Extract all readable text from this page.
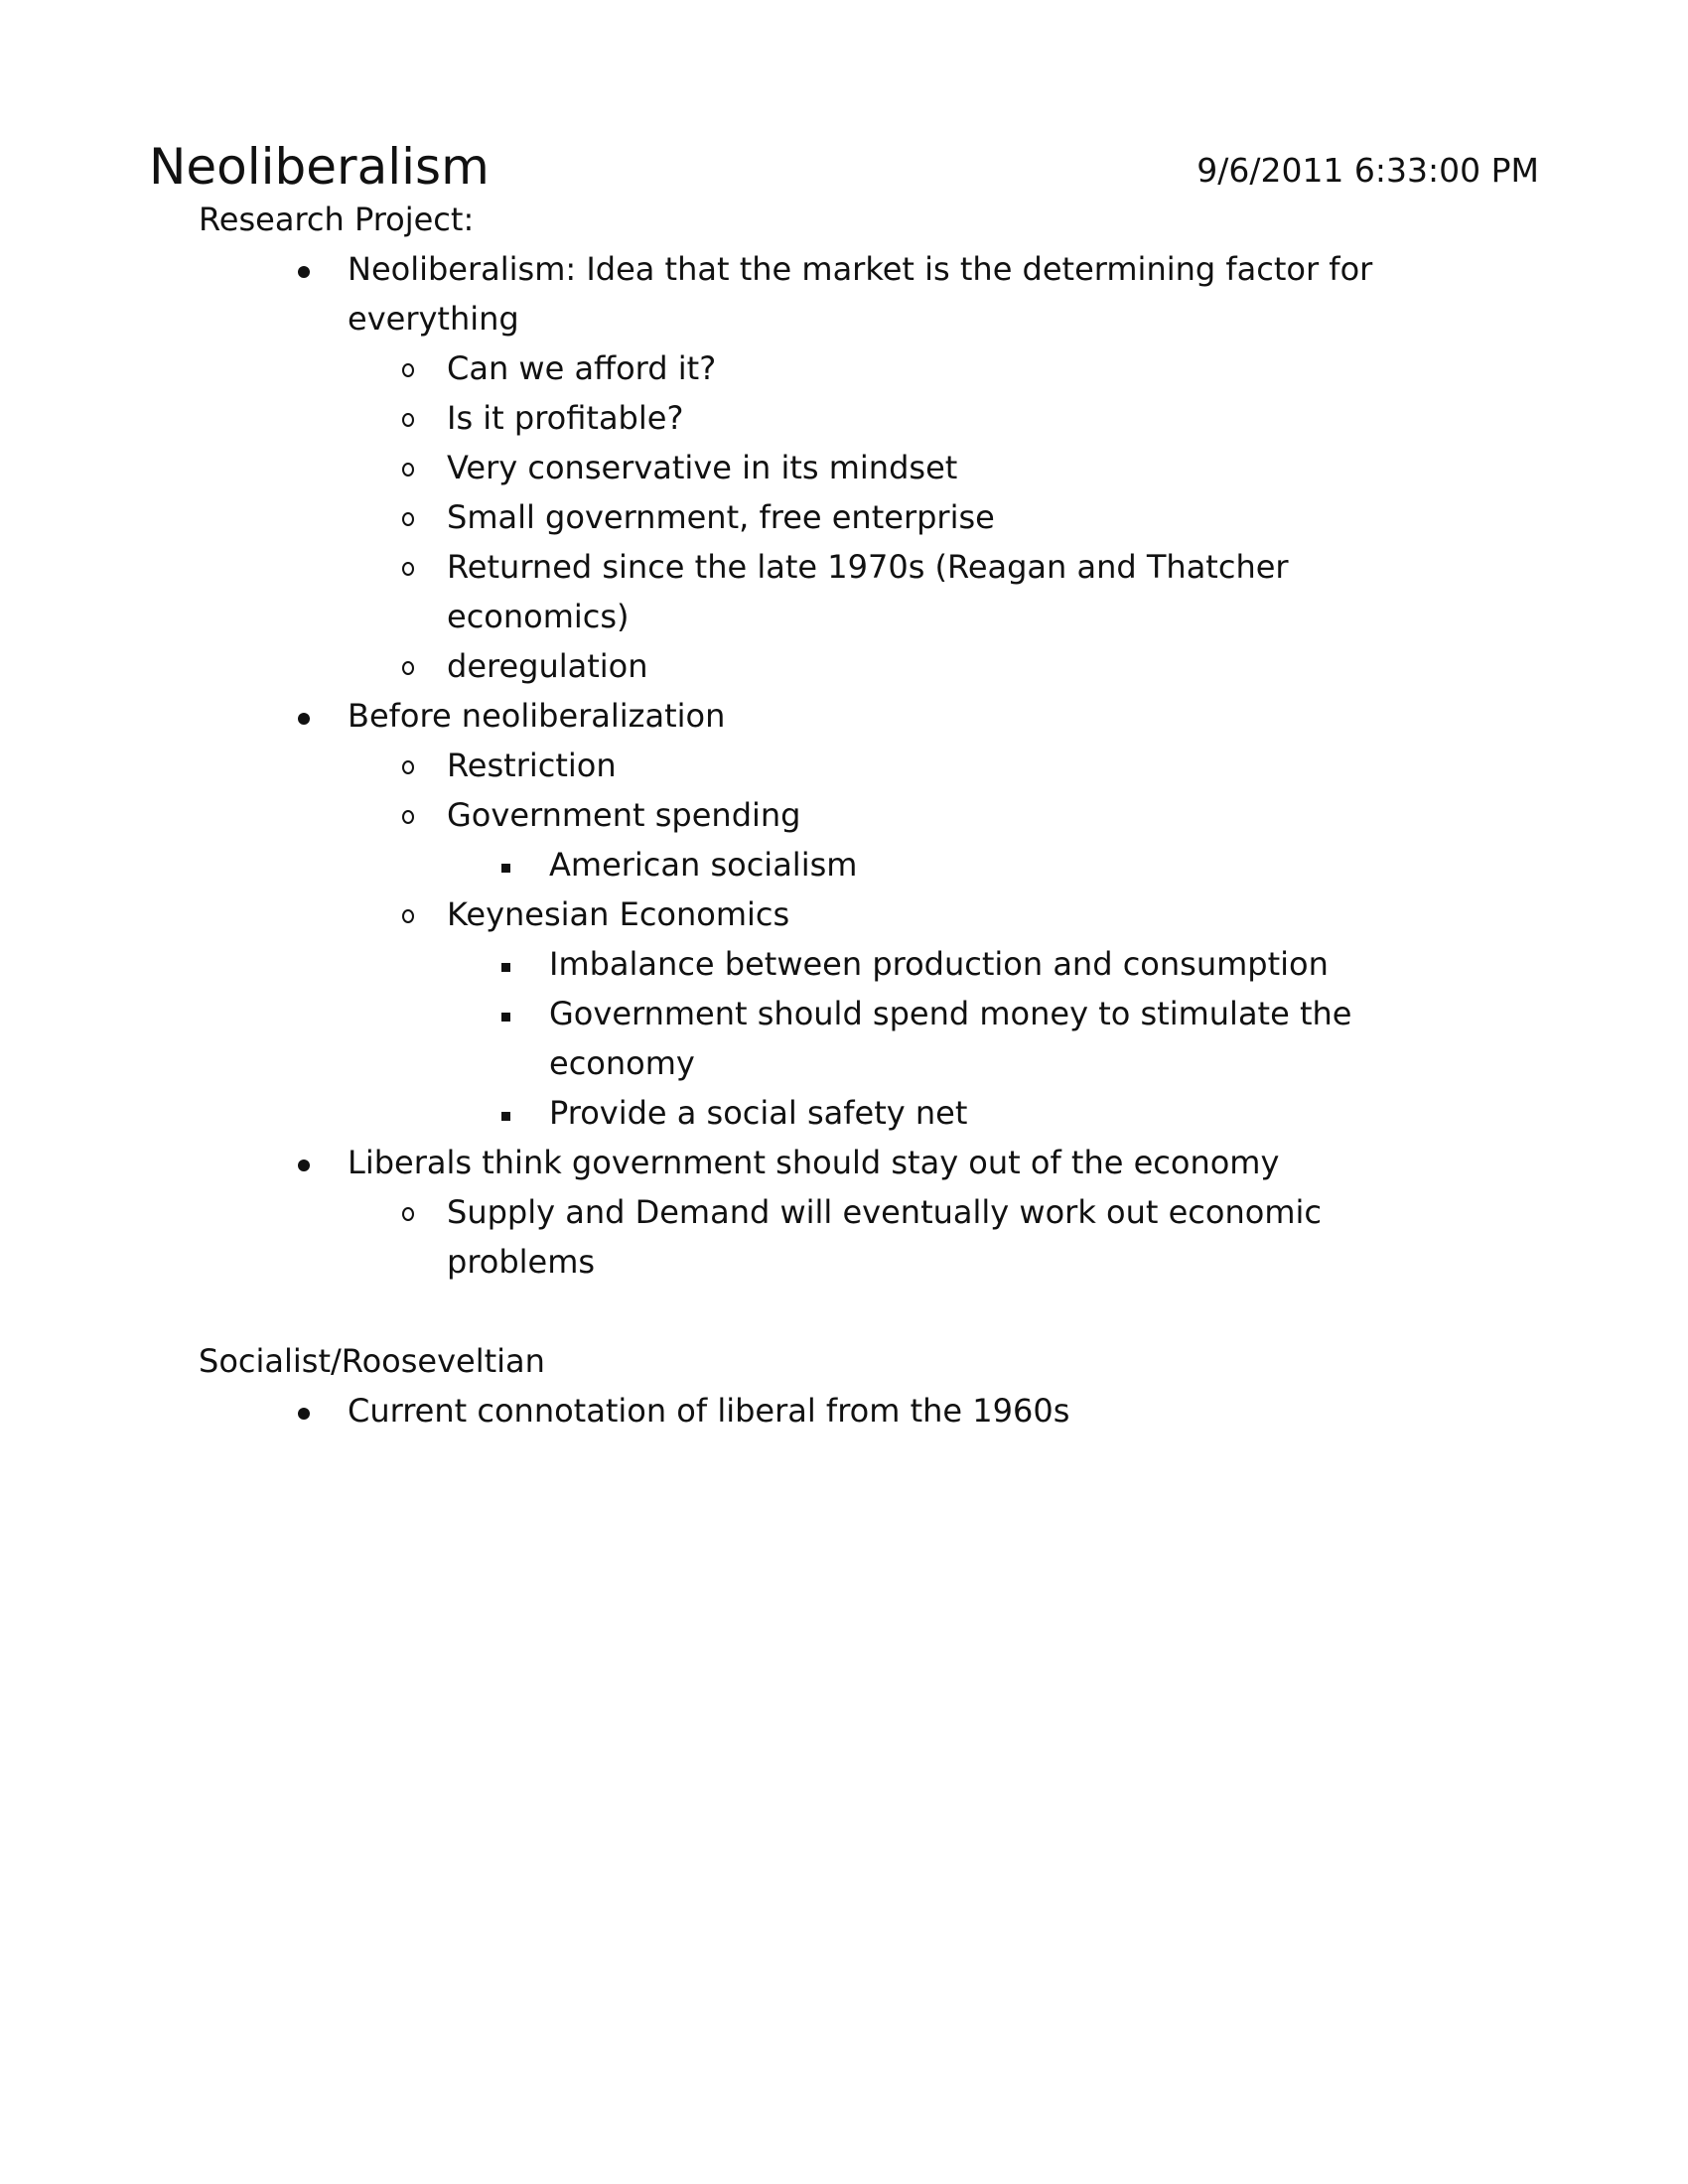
Neoliberalism	9/6/2011 6:33:00 PM
Research Project:
Neoliberalism: Idea that the market is the determining factor for everything
Can we afford it?
Is it profitable?
Very conservative in its mindset
Small government, free enterprise
Returned since the late 1970s (Reagan and Thatcher economics)
deregulation
Before neoliberalization
Restriction
Government spending
American socialism
Keynesian Economics
Imbalance between production and consumption
Government should spend money to stimulate the economy
Provide a social safety net
Liberals think government should stay out of the economy
Supply and Demand will eventually work out economic problems
Socialist/Rooseveltian
Current connotation of liberal from the 1960s
